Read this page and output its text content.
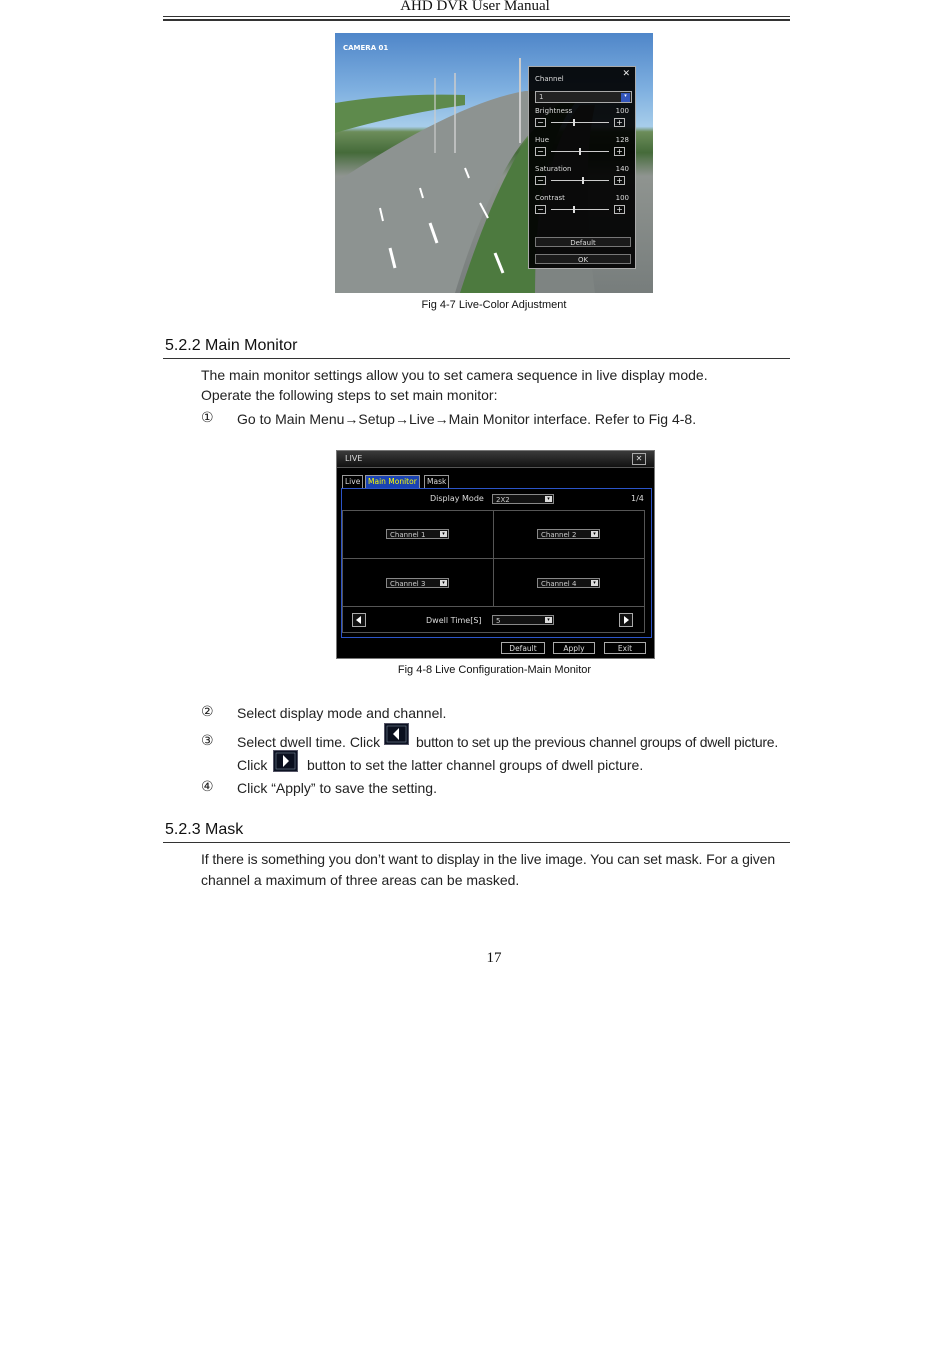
AHD DVR User Manual
CAMERA 01
Channel	✕
1	▾
Default
OK
Brightness	100
−	+
Hue	128
−	+
Saturation	140
−	+
Contrast	100
−	+
Fig 4-7 Live-Color Adjustment
5.2.2 Main Monitor
The main monitor settings allow you to set camera sequence in live display mode.
Operate the following steps to set main monitor:
① Go to Main Menu→Setup→Live→Main Monitor interface. Refer to Fig 4-8.
LIVE	✕
Live	Main Monitor	Mask
Display Mode	2X2	▾	1/4
Channel 1	▾	Channel 2	▾
Channel 3	▾	Channel 4	▾
Dwell Time[S]	5	▾
Default	Apply	Exit
Fig 4-8 Live Configuration-Main Monitor
② Select display mode and channel.
③ Select dwell time. Click	button to set up the previous channel groups of dwell picture.
Click	button to set the latter channel groups of dwell picture.
④ Click “Apply” to save the setting.
5.2.3 Mask
If there is something you don’t want to display in the live image. You can set mask. For a given
channel a maximum of three areas can be masked.
17
